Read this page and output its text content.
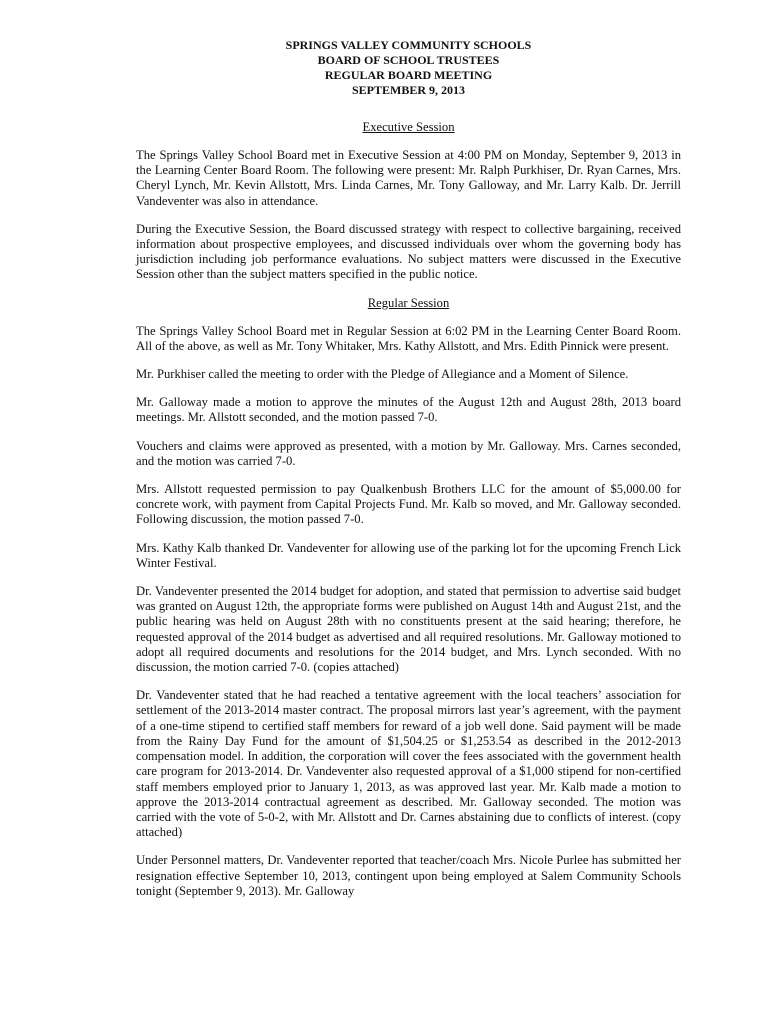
SPRINGS VALLEY COMMUNITY SCHOOLS
BOARD OF SCHOOL TRUSTEES
REGULAR BOARD MEETING
SEPTEMBER 9, 2013
Executive Session

The Springs Valley School Board met in Executive Session at 4:00 PM on Monday, September 9, 2013 in the Learning Center Board Room. The following were present: Mr. Ralph Purkhiser, Dr. Ryan Carnes, Mrs. Cheryl Lynch, Mr. Kevin Allstott, Mrs. Linda Carnes, Mr. Tony Galloway, and Mr. Larry Kalb. Dr. Jerrill Vandeventer was also in attendance.

During the Executive Session, the Board discussed strategy with respect to collective bargaining, received information about prospective employees, and discussed individuals over whom the governing body has jurisdiction including job performance evaluations. No subject matters were discussed in the Executive Session other than the subject matters specified in the public notice.

Regular Session

The Springs Valley School Board met in Regular Session at 6:02 PM in the Learning Center Board Room. All of the above, as well as Mr. Tony Whitaker, Mrs. Kathy Allstott, and Mrs. Edith Pinnick were present.

Mr. Purkhiser called the meeting to order with the Pledge of Allegiance and a Moment of Silence.

Mr. Galloway made a motion to approve the minutes of the August 12th and August 28th, 2013 board meetings. Mr. Allstott seconded, and the motion passed 7-0.

Vouchers and claims were approved as presented, with a motion by Mr. Galloway. Mrs. Carnes seconded, and the motion was carried 7-0.

Mrs. Allstott requested permission to pay Qualkenbush Brothers LLC for the amount of $5,000.00 for concrete work, with payment from Capital Projects Fund. Mr. Kalb so moved, and Mr. Galloway seconded. Following discussion, the motion passed 7-0.

Mrs. Kathy Kalb thanked Dr. Vandeventer for allowing use of the parking lot for the upcoming French Lick Winter Festival.

Dr. Vandeventer presented the 2014 budget for adoption, and stated that permission to advertise said budget was granted on August 12th, the appropriate forms were published on August 14th and August 21st, and the public hearing was held on August 28th with no constituents present at the said hearing; therefore, he requested approval of the 2014 budget as advertised and all required resolutions. Mr. Galloway motioned to adopt all required documents and resolutions for the 2014 budget, and Mrs. Lynch seconded. With no discussion, the motion carried 7-0. (copies attached)

Dr. Vandeventer stated that he had reached a tentative agreement with the local teachers’ association for settlement of the 2013-2014 master contract. The proposal mirrors last year’s agreement, with the payment of a one-time stipend to certified staff members for reward of a job well done. Said payment will be made from the Rainy Day Fund for the amount of $1,504.25 or $1,253.54 as described in the 2012-2013 compensation model. In addition, the corporation will cover the fees associated with the government health care program for 2013-2014. Dr. Vandeventer also requested approval of a $1,000 stipend for non-certified staff members employed prior to January 1, 2013, as was approved last year. Mr. Kalb made a motion to approve the 2013-2014 contractual agreement as described. Mr. Galloway seconded. The motion was carried with the vote of 5-0-2, with Mr. Allstott and Dr. Carnes abstaining due to conflicts of interest. (copy attached)

Under Personnel matters, Dr. Vandeventer reported that teacher/coach Mrs. Nicole Purlee has submitted her resignation effective September 10, 2013, contingent upon being employed at Salem Community Schools tonight (September 9, 2013). Mr. Galloway
